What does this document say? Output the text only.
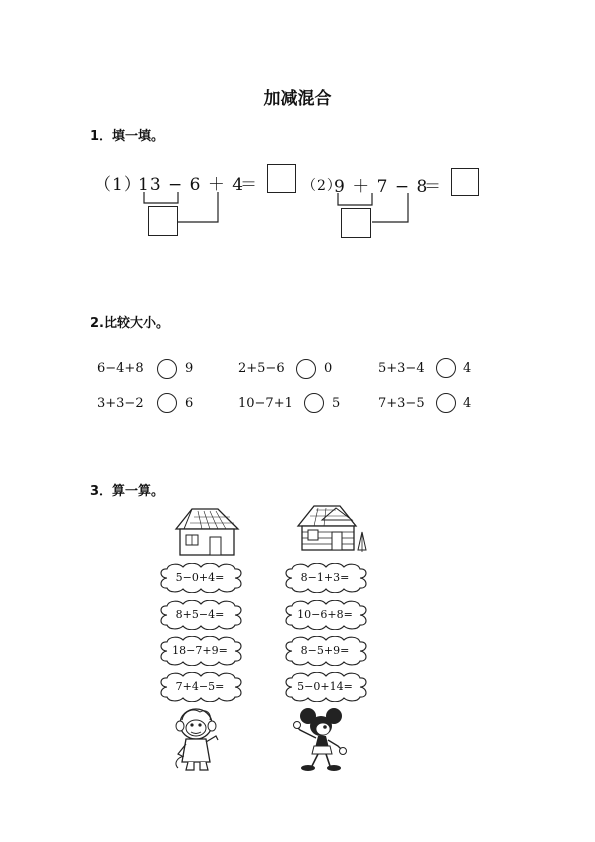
加减混合
1．填一填。
（1）
13 − 6 ＋ 4
＝	（2）
9 ＋ 7 − 8
＝
2.比较大小。
6−4+8	9	2+5−6	0	5+3−4	4
3+3−2	6	10−7+1	5	7+3−5	4
3．算一算。
5−0+4=
8+5−4=
18−7+9=
7+4−5=
8−1+3=
10−6+8=
8−5+9=
5−0+14=
